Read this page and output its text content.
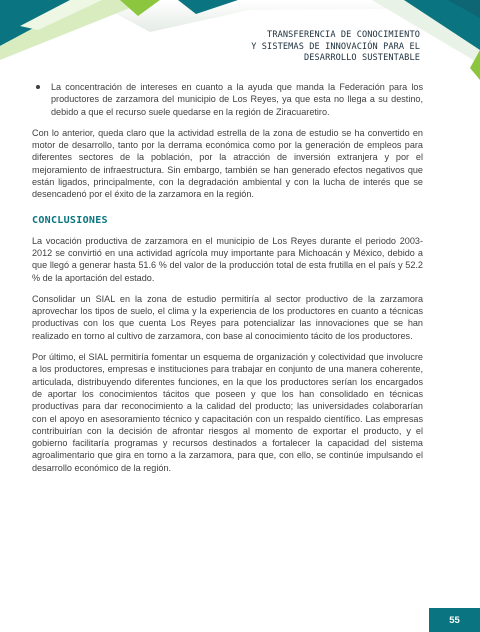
TRANSFERENCIA DE CONOCIMIENTO
Y SISTEMAS DE INNOVACIÓN PARA EL
DESARROLLO SUSTENTABLE
La concentración de intereses en cuanto a la ayuda que manda la Federación para los productores de zarzamora del municipio de Los Reyes, ya que esta no llega a su destino, debido a que el recurso suele quedarse en la región de Ziracuaretiro.

Con lo anterior, queda claro que la actividad estrella de la zona de estudio se ha convertido en motor de desarrollo, tanto por la derrama económica como por la generación de empleos para diferentes sectores de la población, por la atracción de inversión extranjera y por el mejoramiento de infraestructura. Sin embargo, también se han generado efectos negativos que están ligados, principalmente, con la degradación ambiental y con la lucha de interés que se desencadenó por el éxito de la zarzamora en la región.

CONCLUSIONES

La vocación productiva de zarzamora en el municipio de Los Reyes durante el periodo 2003-2012 se convirtió en una actividad agrícola muy importante para Michoacán y México, debido a que llegó a generar hasta 51.6 % del valor de la producción total de esta frutilla en el país y 52.2 % de la aportación del estado.

Consolidar un SIAL en la zona de estudio permitiría al sector productivo de la zarzamora aprovechar los tipos de suelo, el clima y la experiencia de los productores en cuanto a técnicas productivas con los que cuenta Los Reyes para potencializar las innovaciones que se han realizado en torno al cultivo de zarzamora, con base al conocimiento tácito de los productores.

Por último, el SIAL permitiría fomentar un esquema de organización y colectividad que involucre a los productores, empresas e instituciones para trabajar en conjunto de una manera coherente, articulada, distribuyendo diferentes funciones, en la que los productores serían los encargados de aportar los conocimientos tácitos que poseen y que los han consolidado en técnicas productivas para dar reconocimiento a la calidad del producto; las universidades colaborarían con el apoyo en asesoramiento técnico y capacitación con un respaldo científico. Las empresas contribuirían con la decisión de afrontar riesgos al momento de exportar el producto, y el gobierno facilitaría programas y recursos destinados a fortalecer la capacidad del sistema agroalimentario que gira en torno a la zarzamora, para que, con ello, se continúe impulsando el desarrollo económico de la región.

55
